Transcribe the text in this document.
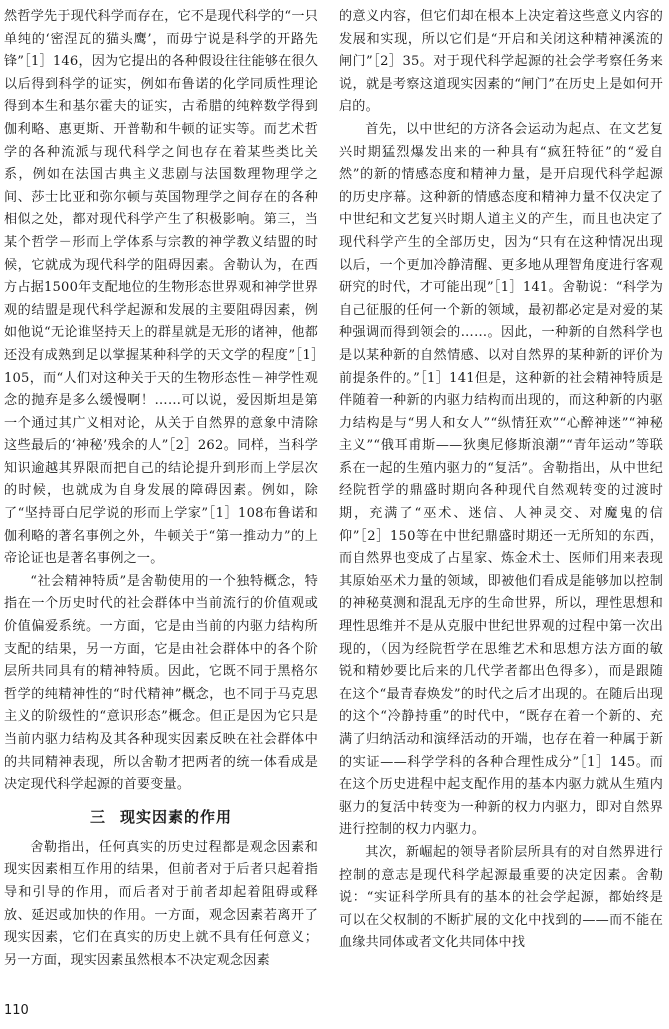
然哲学先于现代科学而存在，它不是现代科学的“一只单纯的‘密涅瓦的猫头鹰’，而毋宁说是科学的开路先锋”［1］146，因为它提出的各种假设往往能够在很久以后得到科学的证实，例如布鲁诺的化学同质性理论得到本生和基尔霍夫的证实，古希腊的纯粹数学得到伽利略、惠更斯、开普勒和牛顿的证实等。而艺术哲学的各种流派与现代科学之间也存在着某些类比关系，例如在法国古典主义悲剧与法国数理物理学之间、莎士比亚和弥尔顿与英国物理学之间存在的各种相似之处，都对现代科学产生了积极影响。第三，当某个哲学－形而上学体系与宗教的神学教义结盟的时候，它就成为现代科学的阻碍因素。舍勒认为，在西方占据1500年支配地位的生物形态世界观和神学世界观的结盟是现代科学起源和发展的主要阻碍因素，例如他说“无论谁坚持天上的群星就是无形的诸神，他都还没有成熟到足以掌握某种科学的天文学的程度”［1］105，而“人们对这种关于天的生物形态性－神学性观念的抛弃是多么缓慢啊！……可以说，爱因斯坦是第一个通过其广义相对论，从关于自然界的意象中清除这些最后的‘神秘’残余的人”［2］262。同样，当科学知识逾越其界限而把自己的结论提升到形而上学层次的时候，也就成为自身发展的障碍因素。例如，除了“坚持哥白尼学说的形而上学家”［1］108布鲁诺和伽利略的著名事例之外，牛顿关于“第一推动力”的上帝论证也是著名事例之一。

“社会精神特质”是舍勒使用的一个独特概念，特指在一个历史时代的社会群体中当前流行的价值观或价值偏爱系统。一方面，它是由当前的内驱力结构所支配的结果，另一方面，它是由社会群体中的各个阶层所共同具有的精神特质。因此，它既不同于黑格尔哲学的纯精神性的“时代精神”概念，也不同于马克思主义的阶级性的“意识形态”概念。但正是因为它只是当前内驱力结构及其各种现实因素反映在社会群体中的共同精神表现，所以舍勒才把两者的统一体看成是决定现代科学起源的首要变量。

三 现实因素的作用

舍勒指出，任何真实的历史过程都是观念因素和现实因素相互作用的结果，但前者对于后者只起着指导和引导的作用，而后者对于前者却起着阻碍或释放、延迟或加快的作用。一方面，观念因素若离开了现实因素，它们在真实的历史上就不具有任何意义；另一方面，现实因素虽然根本不决定观念因素

的意义内容，但它们却在根本上决定着这些意义内容的发展和实现，所以它们是“开启和关闭这种精神溪流的闸门”［2］35。对于现代科学起源的社会学考察任务来说，就是考察这道现实因素的“闸门”在历史上是如何开启的。

首先，以中世纪的方济各会运动为起点、在文艺复兴时期猛烈爆发出来的一种具有“疯狂特征”的“爱自然”的新的情感态度和精神力量，是开启现代科学起源的历史序幕。这种新的情感态度和精神力量不仅决定了中世纪和文艺复兴时期人道主义的产生，而且也决定了现代科学产生的全部历史，因为“只有在这种情况出现以后，一个更加冷静清醒、更多地从理智角度进行客观研究的时代，才可能出现”［1］141。舍勒说：“科学为自己征服的任何一个新的领域，最初都必定是对爱的某种强调而得到领会的……。因此，一种新的自然科学也是以某种新的自然情感、以对自然界的某种新的评价为前提条件的。”［1］141但是，这种新的社会精神特质是伴随着一种新的内驱力结构而出现的，而这种新的内驱力结构是与“男人和女人”“纵情狂欢”“心醉神迷”“神秘主义”“俄耳甫斯——狄奥尼修斯浪潮”“青年运动”等联系在一起的生殖内驱力的“复活”。舍勒指出，从中世纪经院哲学的鼎盛时期向各种现代自然观转变的过渡时期，充满了“巫术、迷信、人神灵交、对魔鬼的信仰”［2］150等在中世纪鼎盛时期还一无所知的东西，而自然界也变成了占星家、炼金术士、医师们用来表现其原始巫术力量的领域，即被他们看成是能够加以控制的神秘莫测和混乱无序的生命世界，所以，理性思想和理性思维并不是从克服中世纪世界观的过程中第一次出现的，（因为经院哲学在思维艺术和思想方法方面的敏锐和精妙要比后来的几代学者都出色得多），而是跟随在这个“最青春焕发”的时代之后才出现的。在随后出现的这个“冷静持重”的时代中，“既存在着一个新的、充满了归纳活动和演绎活动的开端，也存在着一种属于新的实证——科学学科的各种合理性成分”［1］145。而在这个历史进程中起支配作用的基本内驱力就从生殖内驱力的复活中转变为一种新的权力内驱力，即对自然界进行控制的权力内驱力。

其次，新崛起的领导者阶层所具有的对自然界进行控制的意志是现代科学起源最重要的决定因素。舍勒说：“实证科学所具有的基本的社会学起源，都始终是可以在父权制的不断扩展的文化中找到的——而不能在血缘共同体或者文化共同体中找

110
